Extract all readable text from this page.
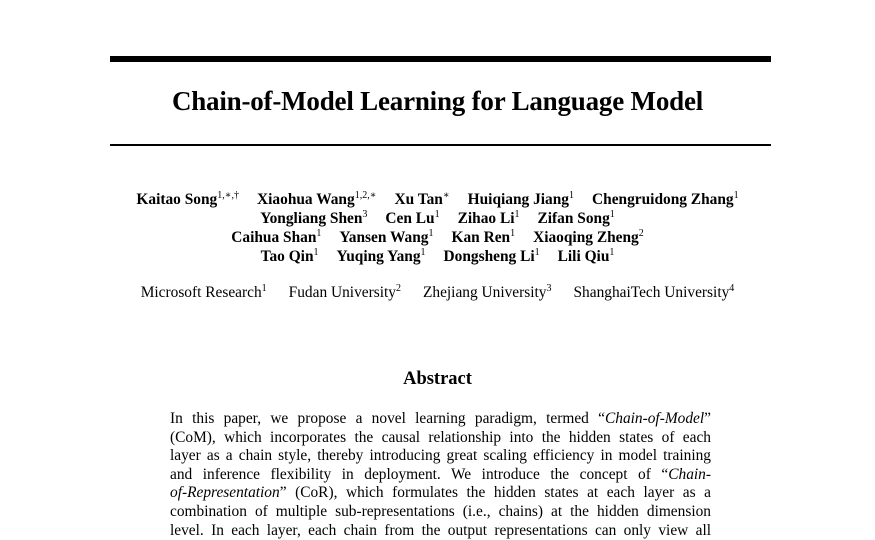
Chain-of-Model Learning for Language Model
Kaitao Song$^{1,∗,\dagger}$ Xiaohua Wang$^{1,2,∗}$ Xu Tan∗ Huiqiang Jiang$^1$ Chengruidong Zhang$^1$
Yongliang Shen$^3$ Cen Lu$^1$ Zihao Li$^1$ Zifan Song$^1$
Caihua Shan$^1$ Yansen Wang$^1$ Kan Ren$^1$ Xiaoqing Zheng$^2$
Tao Qin$^1$ Yuqing Yang$^1$ Dongsheng Li$^1$ Lili Qiu$^1$
Microsoft Research$^1$ Fudan University$^2$ Zhejiang University$^3$ ShanghaiTech University$^4$
Abstract
In this paper, we propose a novel learning paradigm, termed “Chain-of-Model”
(CoM), which incorporates the causal relationship into the hidden states of each
layer as a chain style, thereby introducing great scaling efficiency in model training
and inference flexibility in deployment. We introduce the concept of “Chain-
of-Representation” (CoR), which formulates the hidden states at each layer as a
combination of multiple sub-representations (i.e., chains) at the hidden dimension
level. In each layer, each chain from the output representations can only view all
